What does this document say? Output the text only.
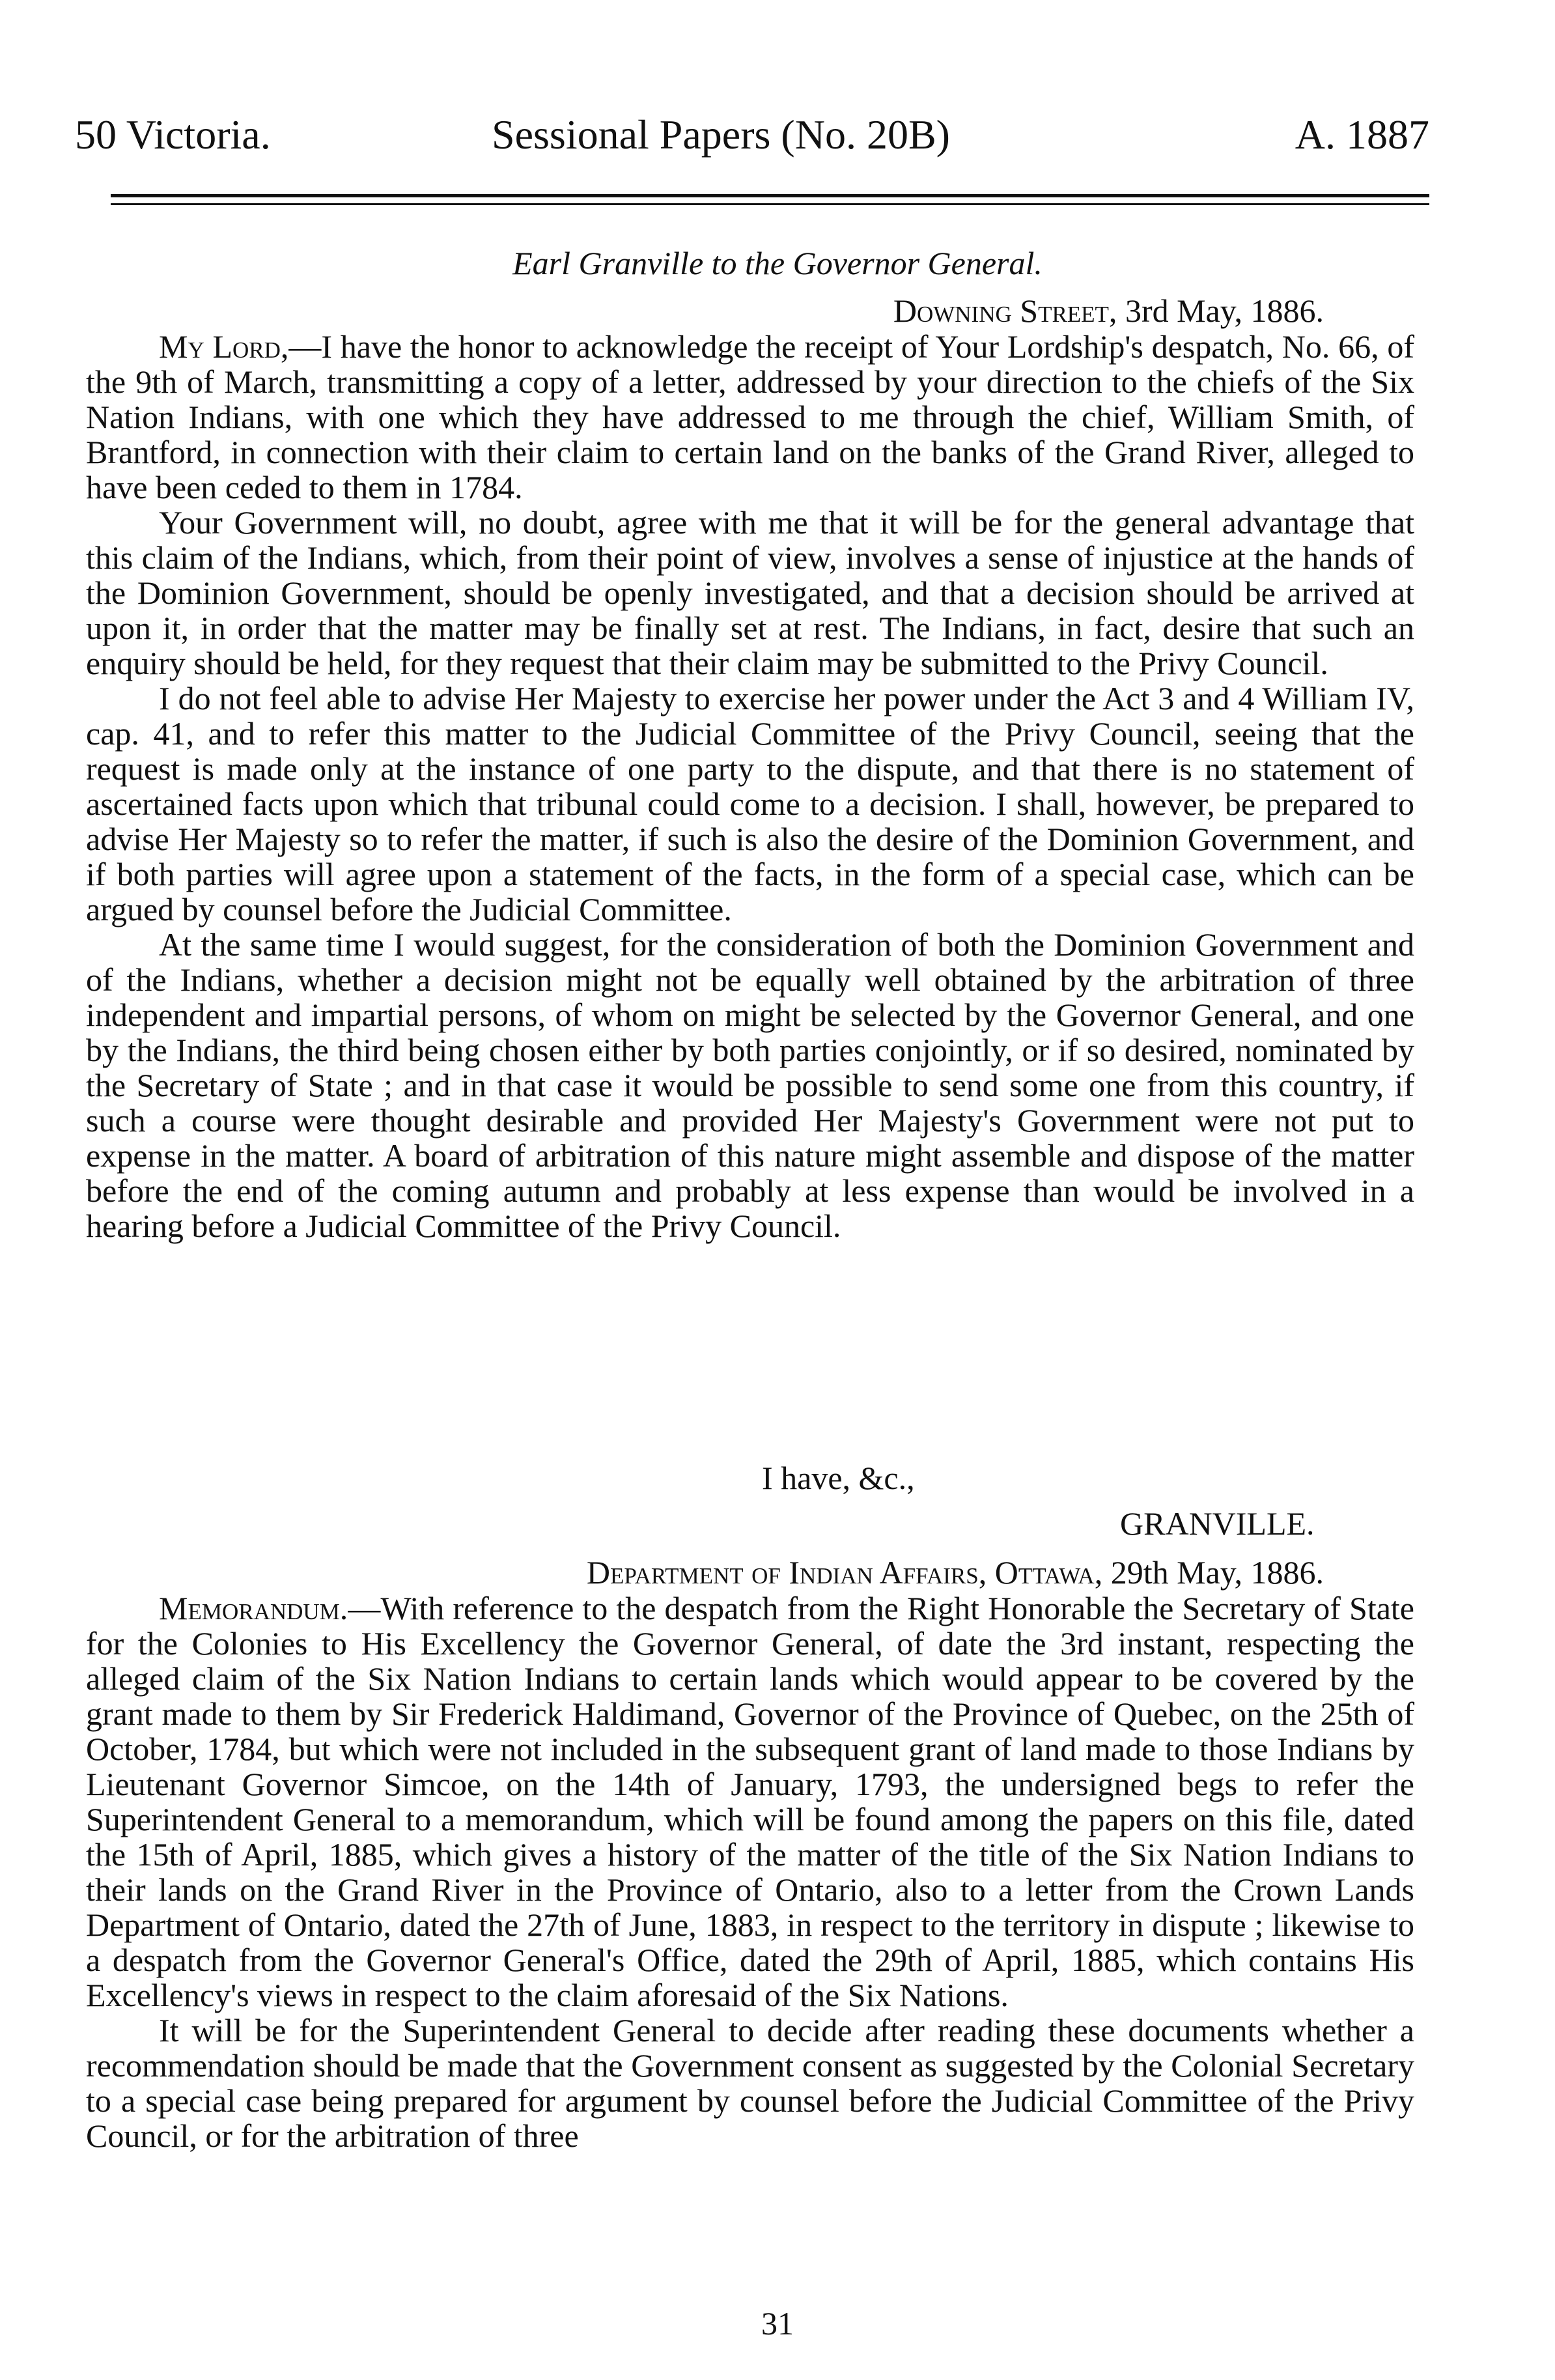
50 Victoria.	Sessional Papers (No. 20B)	A. 1887
Earl Granville to the Governor General.
Downing Street, 3rd May, 1886.

My Lord,—I have the honor to acknowledge the receipt of Your Lordship's despatch, No. 66, of the 9th of March, transmitting a copy of a letter, addressed by your direction to the chiefs of the Six Nation Indians, with one which they have addressed to me through the chief, William Smith, of Brantford, in connection with their claim to certain land on the banks of the Grand River, alleged to have been ceded to them in 1784.

Your Government will, no doubt, agree with me that it will be for the general advantage that this claim of the Indians, which, from their point of view, involves a sense of injustice at the hands of the Dominion Government, should be openly investigated, and that a decision should be arrived at upon it, in order that the matter may be finally set at rest. The Indians, in fact, desire that such an enquiry should be held, for they request that their claim may be submitted to the Privy Council.

I do not feel able to advise Her Majesty to exercise her power under the Act 3 and 4 William IV, cap. 41, and to refer this matter to the Judicial Committee of the Privy Council, seeing that the request is made only at the instance of one party to the dispute, and that there is no statement of ascertained facts upon which that tribunal could come to a decision. I shall, however, be prepared to advise Her Majesty so to refer the matter, if such is also the desire of the Dominion Government, and if both parties will agree upon a statement of the facts, in the form of a special case, which can be argued by counsel before the Judicial Committee.

At the same time I would suggest, for the consideration of both the Dominion Government and of the Indians, whether a decision might not be equally well obtained by the arbitration of three independent and impartial persons, of whom on might be selected by the Governor General, and one by the Indians, the third being chosen either by both parties conjointly, or if so desired, nominated by the Secretary of State ; and in that case it would be possible to send some one from this country, if such a course were thought desirable and provided Her Majesty's Government were not put to expense in the matter. A board of arbitration of this nature might assemble and dispose of the matter before the end of the coming autumn and probably at less expense than would be involved in a hearing before a Judicial Committee of the Privy Council.

I have, &c.,
GRANVILLE.
Department of Indian Affairs, Ottawa, 29th May, 1886.

Memorandum.—With reference to the despatch from the Right Honorable the Secretary of State for the Colonies to His Excellency the Governor General, of date the 3rd instant, respecting the alleged claim of the Six Nation Indians to certain lands which would appear to be covered by the grant made to them by Sir Frederick Haldimand, Governor of the Province of Quebec, on the 25th of October, 1784, but which were not included in the subsequent grant of land made to those Indians by Lieutenant Governor Simcoe, on the 14th of January, 1793, the undersigned begs to refer the Superintendent General to a memorandum, which will be found among the papers on this file, dated the 15th of April, 1885, which gives a history of the matter of the title of the Six Nation Indians to their lands on the Grand River in the Province of Ontario, also to a letter from the Crown Lands Department of Ontario, dated the 27th of June, 1883, in respect to the territory in dispute ; likewise to a despatch from the Governor General's Office, dated the 29th of April, 1885, which contains His Excellency's views in respect to the claim aforesaid of the Six Nations.

It will be for the Superintendent General to decide after reading these documents whether a recommendation should be made that the Government consent as suggested by the Colonial Secretary to a special case being prepared for argument by counsel before the Judicial Committee of the Privy Council, or for the arbitration of three

31
